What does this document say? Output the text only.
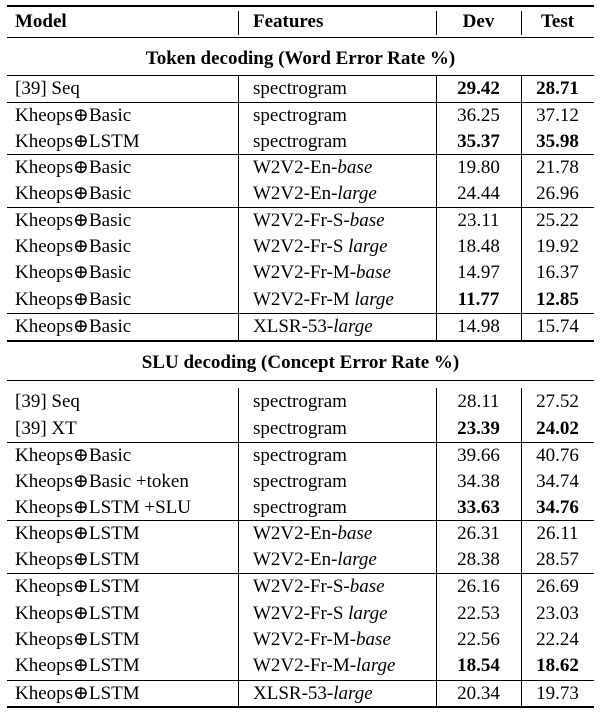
Model	Features	Dev	Test
Token decoding (Word Error Rate %)
SLU decoding (Concept Error Rate %)
[39] Seq	spectrogram	29.42	28.71
Kheops⊕Basic	spectrogram	36.25	37.12
Kheops⊕LSTM	spectrogram	35.37	35.98
Kheops⊕Basic	W2V2-En-base	19.80	21.78
Kheops⊕Basic	W2V2-En-large	24.44	26.96
Kheops⊕Basic	W2V2-Fr-S-base	23.11	25.22
Kheops⊕Basic	W2V2-Fr-S large	18.48	19.92
Kheops⊕Basic	W2V2-Fr-M-base	14.97	16.37
Kheops⊕Basic	W2V2-Fr-M large	11.77	12.85
Kheops⊕Basic	XLSR-53-large	14.98	15.74
[39] Seq	spectrogram	28.11	27.52
[39] XT	spectrogram	23.39	24.02
Kheops⊕Basic	spectrogram	39.66	40.76
Kheops⊕Basic +token	spectrogram	34.38	34.74
Kheops⊕LSTM +SLU	spectrogram	33.63	34.76
Kheops⊕LSTM	W2V2-En-base	26.31	26.11
Kheops⊕LSTM	W2V2-En-large	28.38	28.57
Kheops⊕LSTM	W2V2-Fr-S-base	26.16	26.69
Kheops⊕LSTM	W2V2-Fr-S large	22.53	23.03
Kheops⊕LSTM	W2V2-Fr-M-base	22.56	22.24
Kheops⊕LSTM	W2V2-Fr-M-large	18.54	18.62
Kheops⊕LSTM	XLSR-53-large	20.34	19.73
